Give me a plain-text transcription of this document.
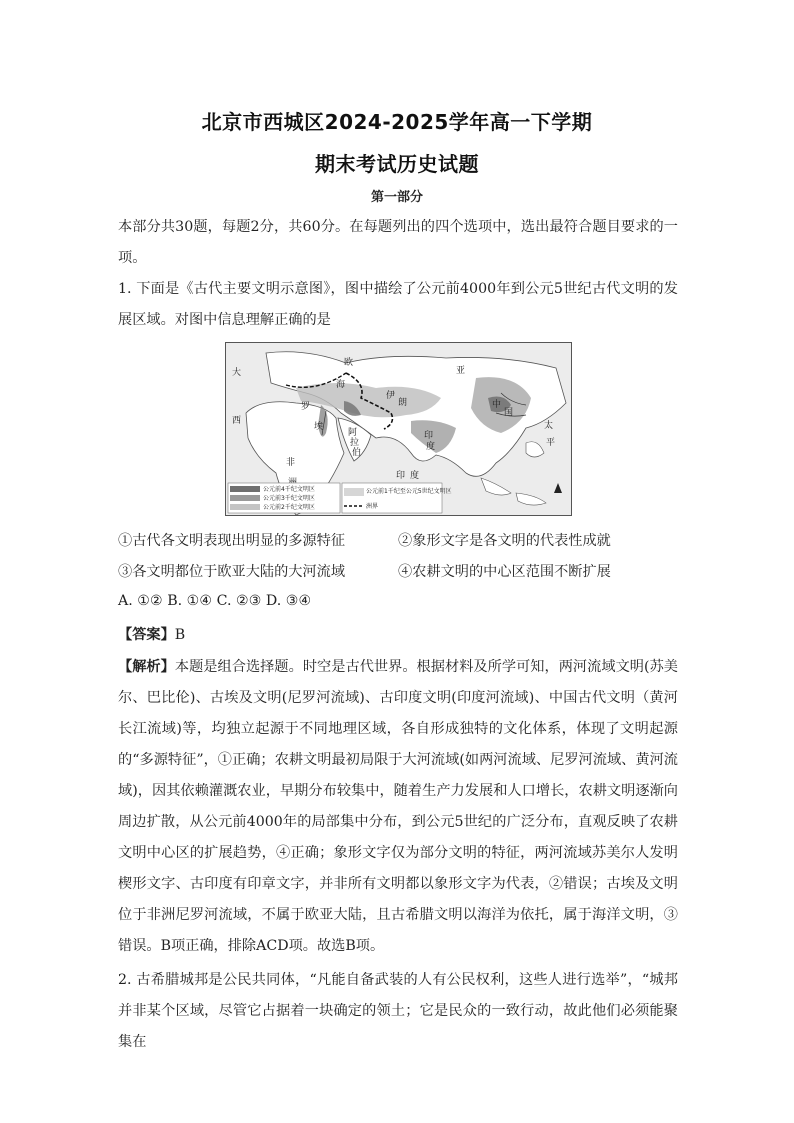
北京市西城区2024-2025学年高一下学期
期末考试历史试题
第一部分

本部分共30题，每题2分，共60分。在每题列出的四个选项中，选出最符合题目要求的一项。

1. 下面是《古代主要文明示意图》，图中描绘了公元前4000年到公元5世纪古代文明的发展区域。对图中信息理解正确的是

大
西
非
欧
罗
埃
阿
拉
伯
伊
朗
印
度
印 度
中
国
亚
太
平
海
公元前4千纪文明区
公元前3千纪文明区
公元前2千纪文明区
公元前1千纪至公元5世纪文明区
洲界
①古代各文明表现出明显的多源特征	②象形文字是各文明的代表性成就
③各文明都位于欧亚大陆的大河流域	④农耕文明的中心区范围不断扩展
A. ①② B. ①④ C. ②③ D. ③④
【答案】B

【解析】本题是组合选择题。时空是古代世界。根据材料及所学可知，两河流域文明(苏美尔、巴比伦)、古埃及文明(尼罗河流域)、古印度文明(印度河流域)、中国古代文明（黄河长江流域)等，均独立起源于不同地理区域，各自形成独特的文化体系，体现了文明起源的“多源特征”，①正确；农耕文明最初局限于大河流域(如两河流域、尼罗河流域、黄河流域)，因其依赖灌溉农业，早期分布较集中，随着生产力发展和人口增长，农耕文明逐渐向周边扩散，从公元前4000年的局部集中分布，到公元5世纪的广泛分布，直观反映了农耕文明中心区的扩展趋势，④正确；象形文字仅为部分文明的特征，两河流域苏美尔人发明楔形文字、古印度有印章文字，并非所有文明都以象形文字为代表，②错误；古埃及文明位于非洲尼罗河流域，不属于欧亚大陆，且古希腊文明以海洋为依托，属于海洋文明，③错误。B项正确，排除ACD项。故选B项。

2. 古希腊城邦是公民共同体，“凡能自备武装的人有公民权利，这些人进行选举”，“城邦并非某个区域，尽管它占据着一块确定的领土；它是民众的一致行动，故此他们必须能聚集在
